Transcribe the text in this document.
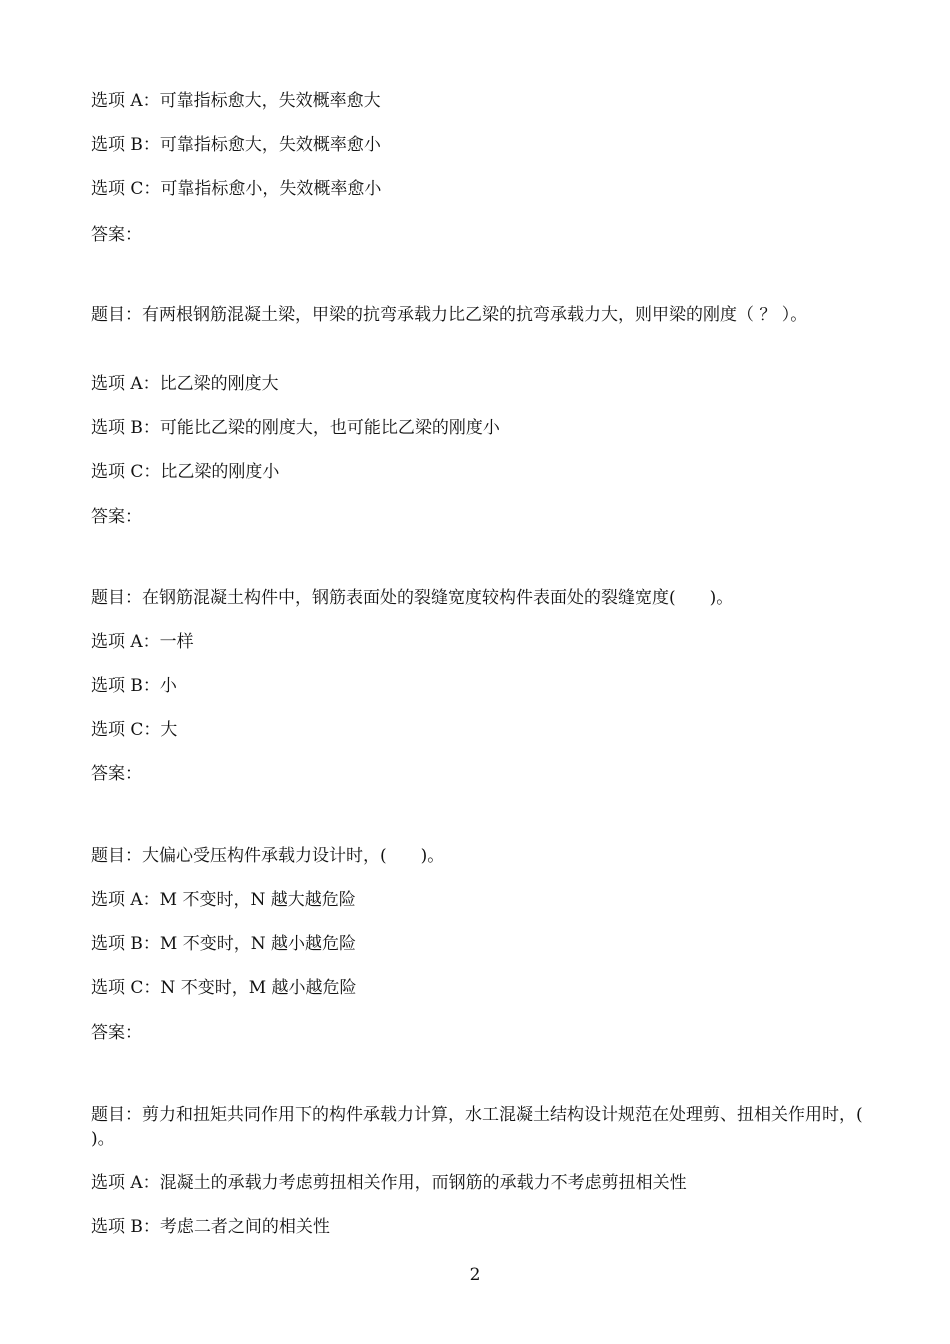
选项 A：可靠指标愈大，失效概率愈大
选项 B：可靠指标愈大，失效概率愈小
选项 C：可靠指标愈小，失效概率愈小
答案：
题目：有两根钢筋混凝土梁，甲梁的抗弯承载力比乙梁的抗弯承载力大，则甲梁的刚度（ ？ ）。
选项 A：比乙梁的刚度大
选项 B：可能比乙梁的刚度大，也可能比乙梁的刚度小
选项 C：比乙梁的刚度小
答案：
题目：在钢筋混凝土构件中，钢筋表面处的裂缝宽度较构件表面处的裂缝宽度(　　)。
选项 A：一样
选项 B：小
选项 C：大
答案：
题目：大偏心受压构件承载力设计时，(　　)。
选项 A：M 不变时，N 越大越危险
选项 B：M 不变时，N 越小越危险
选项 C：N 不变时，M 越小越危险
答案：
题目：剪力和扭矩共同作用下的构件承载力计算，水工混凝土结构设计规范在处理剪、扭相关作用时，(　　)。
选项 A：混凝土的承载力考虑剪扭相关作用，而钢筋的承载力不考虑剪扭相关性
选项 B：考虑二者之间的相关性
2
